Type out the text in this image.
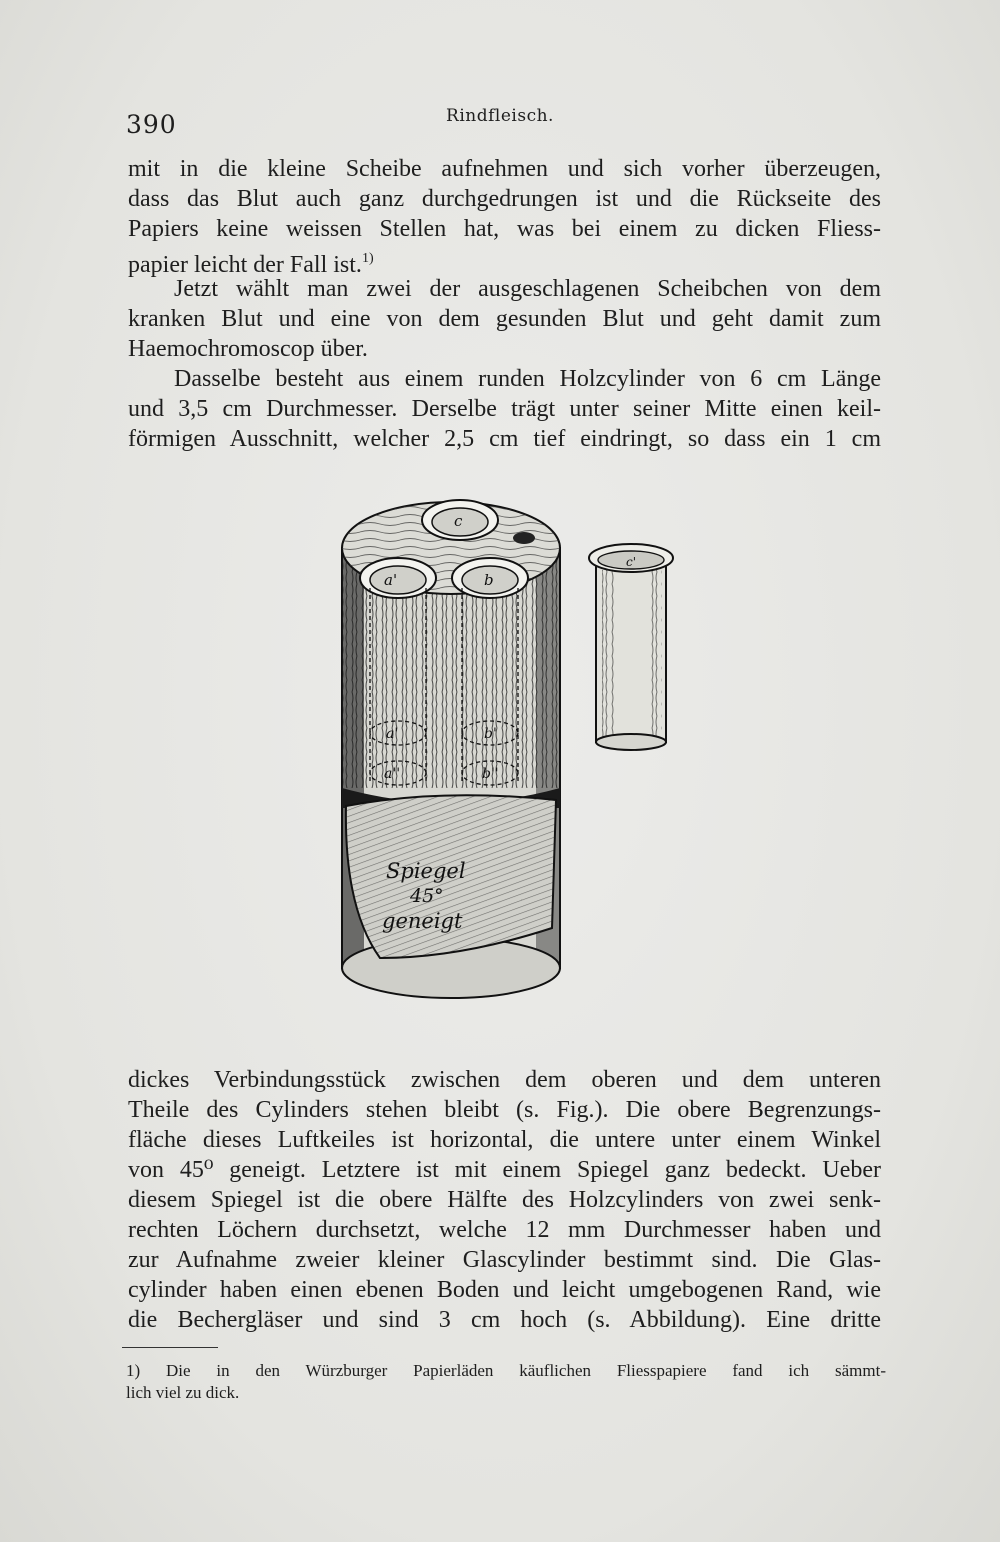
390	Rindfleisch.
mit in die kleine Scheibe aufnehmen und sich vorher überzeugen,
dass das Blut auch ganz durchgedrungen ist und die Rückseite des
Papiers keine weissen Stellen hat, was bei einem zu dicken Fliess-
papier leicht der Fall ist.$^{1)}$
Jetzt wählt man zwei der ausgeschlagenen Scheibchen von dem
kranken Blut und eine von dem gesunden Blut und geht damit zum
Haemochromoscop über.
Dasselbe besteht aus einem runden Holzcylinder von 6 cm Länge
und 3,5 cm Durchmesser. Derselbe trägt unter seiner Mitte einen keil-
förmigen Ausschnitt, welcher 2,5 cm tief eindringt, so dass ein 1 cm
c
a'	b
a'
a''
b'
b''
Spiegel
45°
geneigt
c'
dickes Verbindungsstück zwischen dem oberen und dem unteren
Theile des Cylinders stehen bleibt (s. Fig.). Die obere Begrenzungs-
fläche dieses Luftkeiles ist horizontal, die untere unter einem Winkel
von 45⁰ geneigt. Letztere ist mit einem Spiegel ganz bedeckt. Ueber
diesem Spiegel ist die obere Hälfte des Holzcylinders von zwei senk-
rechten Löchern durchsetzt, welche 12 mm Durchmesser haben und
zur Aufnahme zweier kleiner Glascylinder bestimmt sind. Die Glas-
cylinder haben einen ebenen Boden und leicht umgebogenen Rand, wie
die Bechergläser und sind 3 cm hoch (s. Abbildung). Eine dritte
1) Die in den Würzburger Papierläden käuflichen Fliesspapiere fand ich sämmt-
lich viel zu dick.
